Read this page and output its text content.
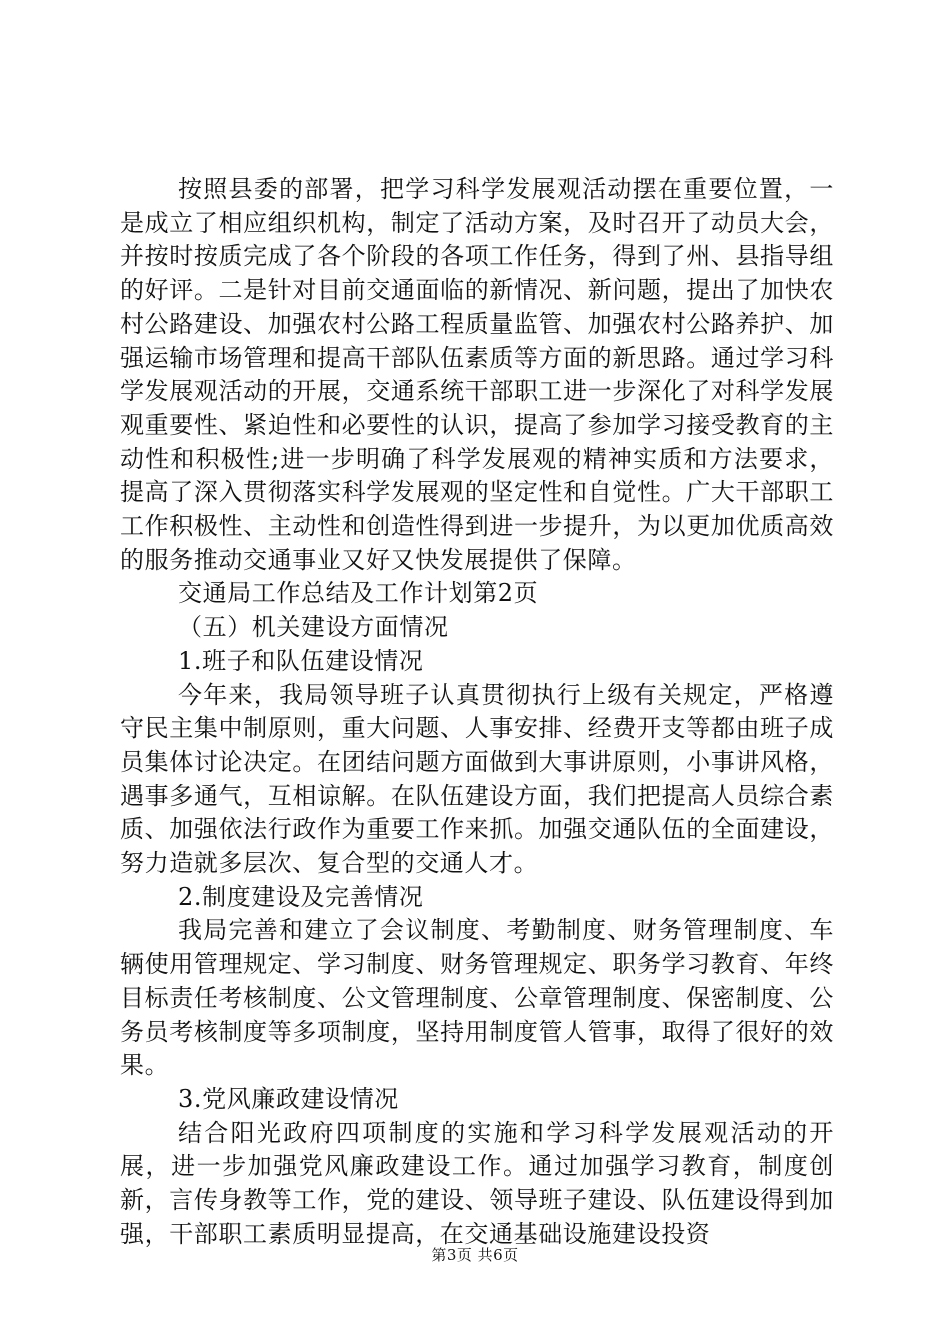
按照县委的部署，把学习科学发展观活动摆在重要位置，一是成立了相应组织机构，制定了活动方案，及时召开了动员大会，并按时按质完成了各个阶段的各项工作任务，得到了州、县指导组的好评。二是针对目前交通面临的新情况、新问题，提出了加快农村公路建设、加强农村公路工程质量监管、加强农村公路养护、加强运输市场管理和提高干部队伍素质等方面的新思路。通过学习科学发展观活动的开展，交通系统干部职工进一步深化了对科学发展观重要性、紧迫性和必要性的认识，提高了参加学习接受教育的主动性和积极性;进一步明确了科学发展观的精神实质和方法要求，提高了深入贯彻落实科学发展观的坚定性和自觉性。广大干部职工工作积极性、主动性和创造性得到进一步提升，为以更加优质高效的服务推动交通事业又好又快发展提供了保障。

交通局工作总结及工作计划第2页

（五）机关建设方面情况

1.班子和队伍建设情况

今年来，我局领导班子认真贯彻执行上级有关规定，严格遵守民主集中制原则，重大问题、人事安排、经费开支等都由班子成员集体讨论决定。在团结问题方面做到大事讲原则，小事讲风格，遇事多通气，互相谅解。在队伍建设方面，我们把提高人员综合素质、加强依法行政作为重要工作来抓。加强交通队伍的全面建设，努力造就多层次、复合型的交通人才。

2.制度建设及完善情况

我局完善和建立了会议制度、考勤制度、财务管理制度、车辆使用管理规定、学习制度、财务管理规定、职务学习教育、年终目标责任考核制度、公文管理制度、公章管理制度、保密制度、公务员考核制度等多项制度，坚持用制度管人管事，取得了很好的效果。

3.党风廉政建设情况

结合阳光政府四项制度的实施和学习科学发展观活动的开展，进一步加强党风廉政建设工作。通过加强学习教育，制度创新，言传身教等工作，党的建设、领导班子建设、队伍建设得到加强，干部职工素质明显提高，在交通基础设施建设投资

第3页 共6页
